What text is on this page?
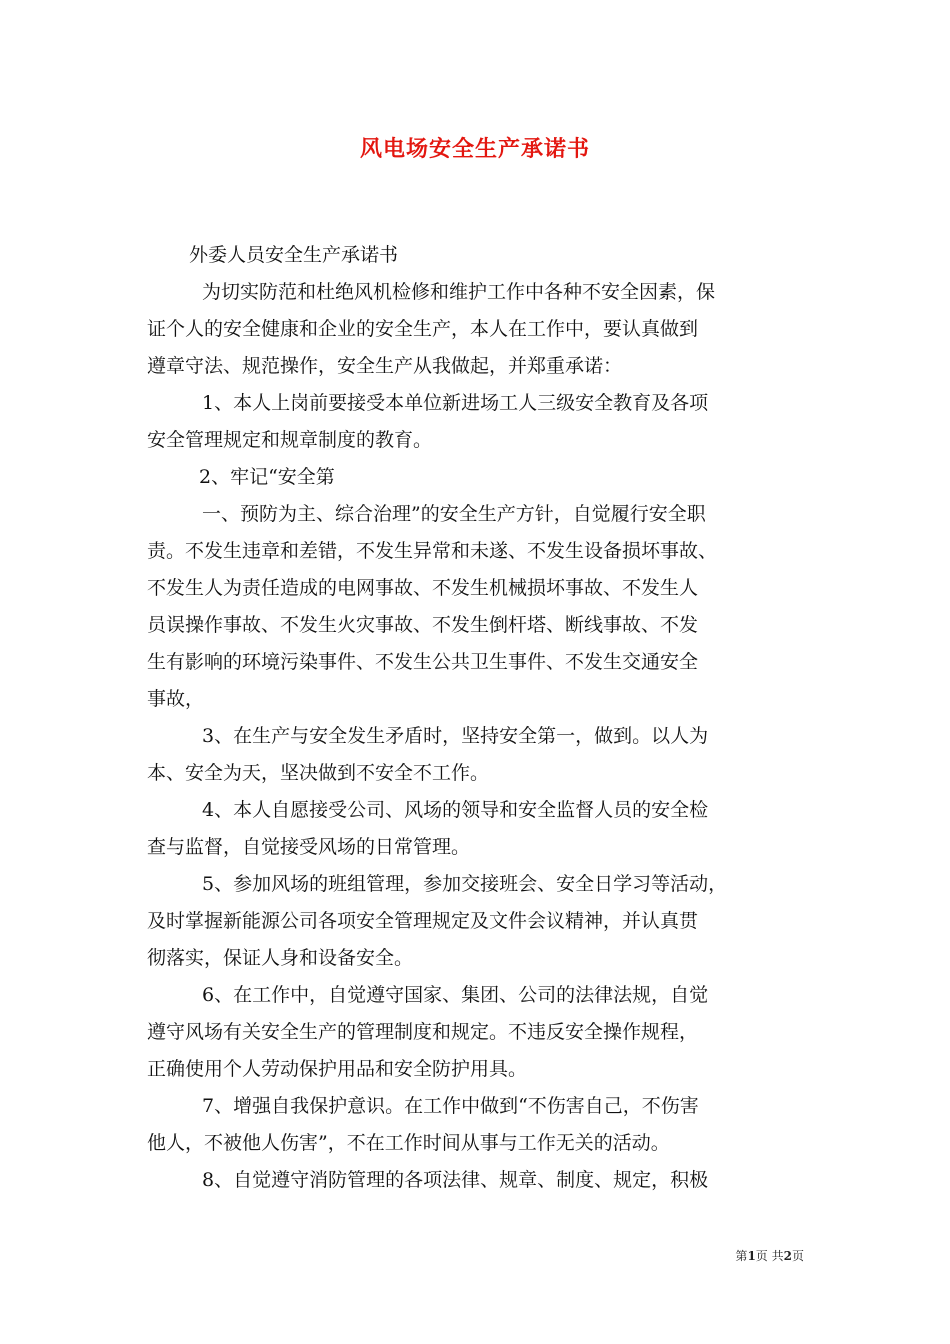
风电场安全生产承诺书
外委人员安全生产承诺书
为切实防范和杜绝风机检修和维护工作中各种不安全因素，保
证个人的安全健康和企业的安全生产，本人在工作中，要认真做到
遵章守法、规范操作，安全生产从我做起，并郑重承诺：
1、本人上岗前要接受本单位新进场工人三级安全教育及各项
安全管理规定和规章制度的教育。
2、牢记“安全第
一、预防为主、综合治理”的安全生产方针，自觉履行安全职
责。不发生违章和差错，不发生异常和未遂、不发生设备损坏事故、
不发生人为责任造成的电网事故、不发生机械损坏事故、不发生人
员误操作事故、不发生火灾事故、不发生倒杆塔、断线事故、不发
生有影响的环境污染事件、不发生公共卫生事件、不发生交通安全
事故，
3、在生产与安全发生矛盾时，坚持安全第一，做到。以人为
本、安全为天，坚决做到不安全不工作。
4、本人自愿接受公司、风场的领导和安全监督人员的安全检
查与监督，自觉接受风场的日常管理。
5、参加风场的班组管理，参加交接班会、安全日学习等活动，
及时掌握新能源公司各项安全管理规定及文件会议精神，并认真贯
彻落实，保证人身和设备安全。
6、在工作中，自觉遵守国家、集团、公司的法律法规，自觉
遵守风场有关安全生产的管理制度和规定。不违反安全操作规程，
正确使用个人劳动保护用品和安全防护用具。
7、增强自我保护意识。在工作中做到“不伤害自己，不伤害
他人，不被他人伤害”，不在工作时间从事与工作无关的活动。
8、自觉遵守消防管理的各项法律、规章、制度、规定，积极
第1页 共2页
